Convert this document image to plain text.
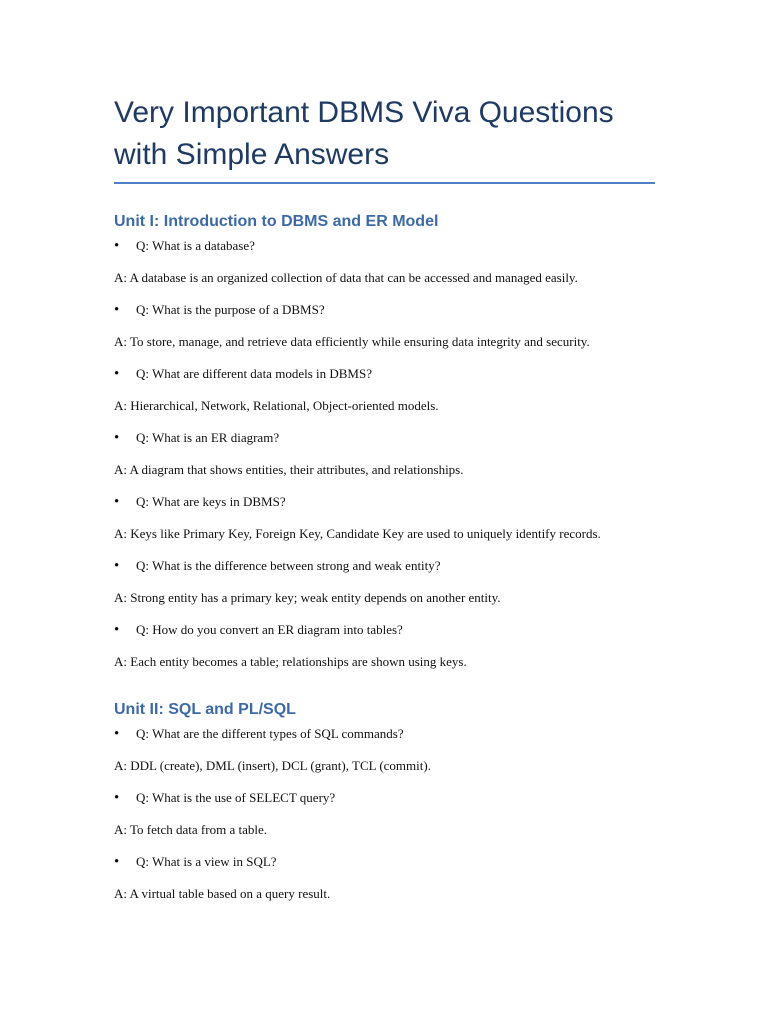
Very Important DBMS Viva Questions with Simple Answers
Unit I: Introduction to DBMS and ER Model
• Q: What is a database?

A: A database is an organized collection of data that can be accessed and managed easily.

• Q: What is the purpose of a DBMS?

A: To store, manage, and retrieve data efficiently while ensuring data integrity and security.

• Q: What are different data models in DBMS?

A: Hierarchical, Network, Relational, Object-oriented models.

• Q: What is an ER diagram?

A: A diagram that shows entities, their attributes, and relationships.

• Q: What are keys in DBMS?

A: Keys like Primary Key, Foreign Key, Candidate Key are used to uniquely identify records.

• Q: What is the difference between strong and weak entity?

A: Strong entity has a primary key; weak entity depends on another entity.

• Q: How do you convert an ER diagram into tables?

A: Each entity becomes a table; relationships are shown using keys.

Unit II: SQL and PL/SQL
• Q: What are the different types of SQL commands?

A: DDL (create), DML (insert), DCL (grant), TCL (commit).

• Q: What is the use of SELECT query?

A: To fetch data from a table.

• Q: What is a view in SQL?

A: A virtual table based on a query result.
